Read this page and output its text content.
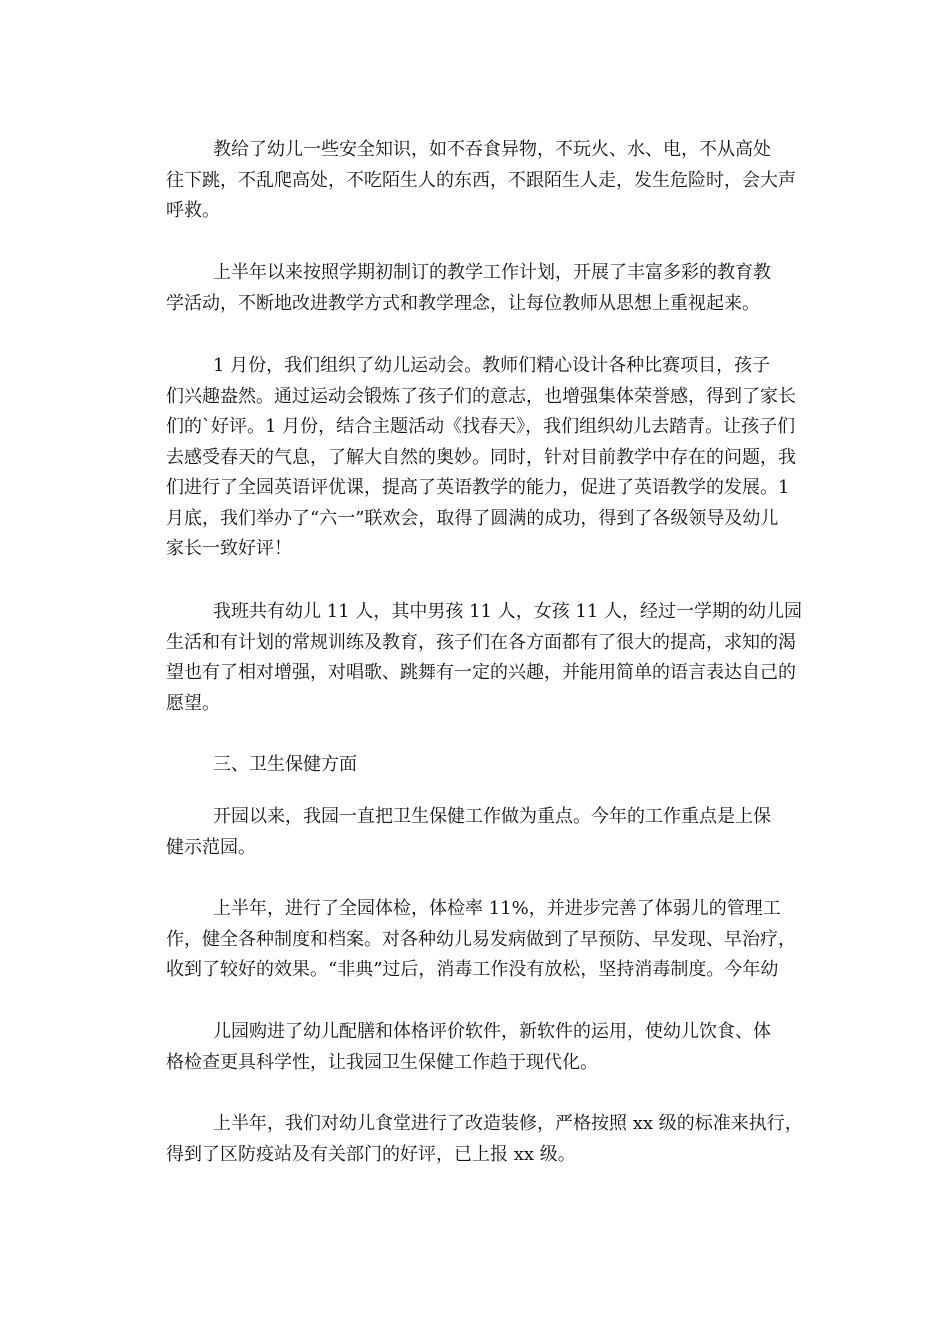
教给了幼儿一些安全知识，如不吞食异物，不玩火、水、电，不从高处
往下跳，不乱爬高处，不吃陌生人的东西，不跟陌生人走，发生危险时，会大声
呼救。

上半年以来按照学期初制订的教学工作计划，开展了丰富多彩的教育教
学活动，不断地改进教学方式和教学理念，让每位教师从思想上重视起来。

1 月份，我们组织了幼儿运动会。教师们精心设计各种比赛项目，孩子
们兴趣盎然。通过运动会锻炼了孩子们的意志，也增强集体荣誉感，得到了家长
们的`好评。1 月份，结合主题活动《找春天》，我们组织幼儿去踏青。让孩子们
去感受春天的气息，了解大自然的奥妙。同时，针对目前教学中存在的问题，我
们进行了全园英语评优课，提高了英语教学的能力，促进了英语教学的发展。1
月底，我们举办了“六一”联欢会，取得了圆满的成功，得到了各级领导及幼儿
家长一致好评！

我班共有幼儿 11 人，其中男孩 11 人，女孩 11 人，经过一学期的幼儿园
生活和有计划的常规训练及教育，孩子们在各方面都有了很大的提高，求知的渴
望也有了相对增强，对唱歌、跳舞有一定的兴趣，并能用简单的语言表达自己的
愿望。

三、卫生保健方面

开园以来，我园一直把卫生保健工作做为重点。今年的工作重点是上保
健示范园。

上半年，进行了全园体检，体检率 11%，并进步完善了体弱儿的管理工
作，健全各种制度和档案。对各种幼儿易发病做到了早预防、早发现、早治疗，
收到了较好的效果。“非典”过后，消毒工作没有放松，坚持消毒制度。今年幼

儿园购进了幼儿配膳和体格评价软件，新软件的运用，使幼儿饮食、体
格检查更具科学性，让我园卫生保健工作趋于现代化。

上半年，我们对幼儿食堂进行了改造装修，严格按照 xx 级的标准来执行，
得到了区防疫站及有关部门的好评，已上报 xx 级。
